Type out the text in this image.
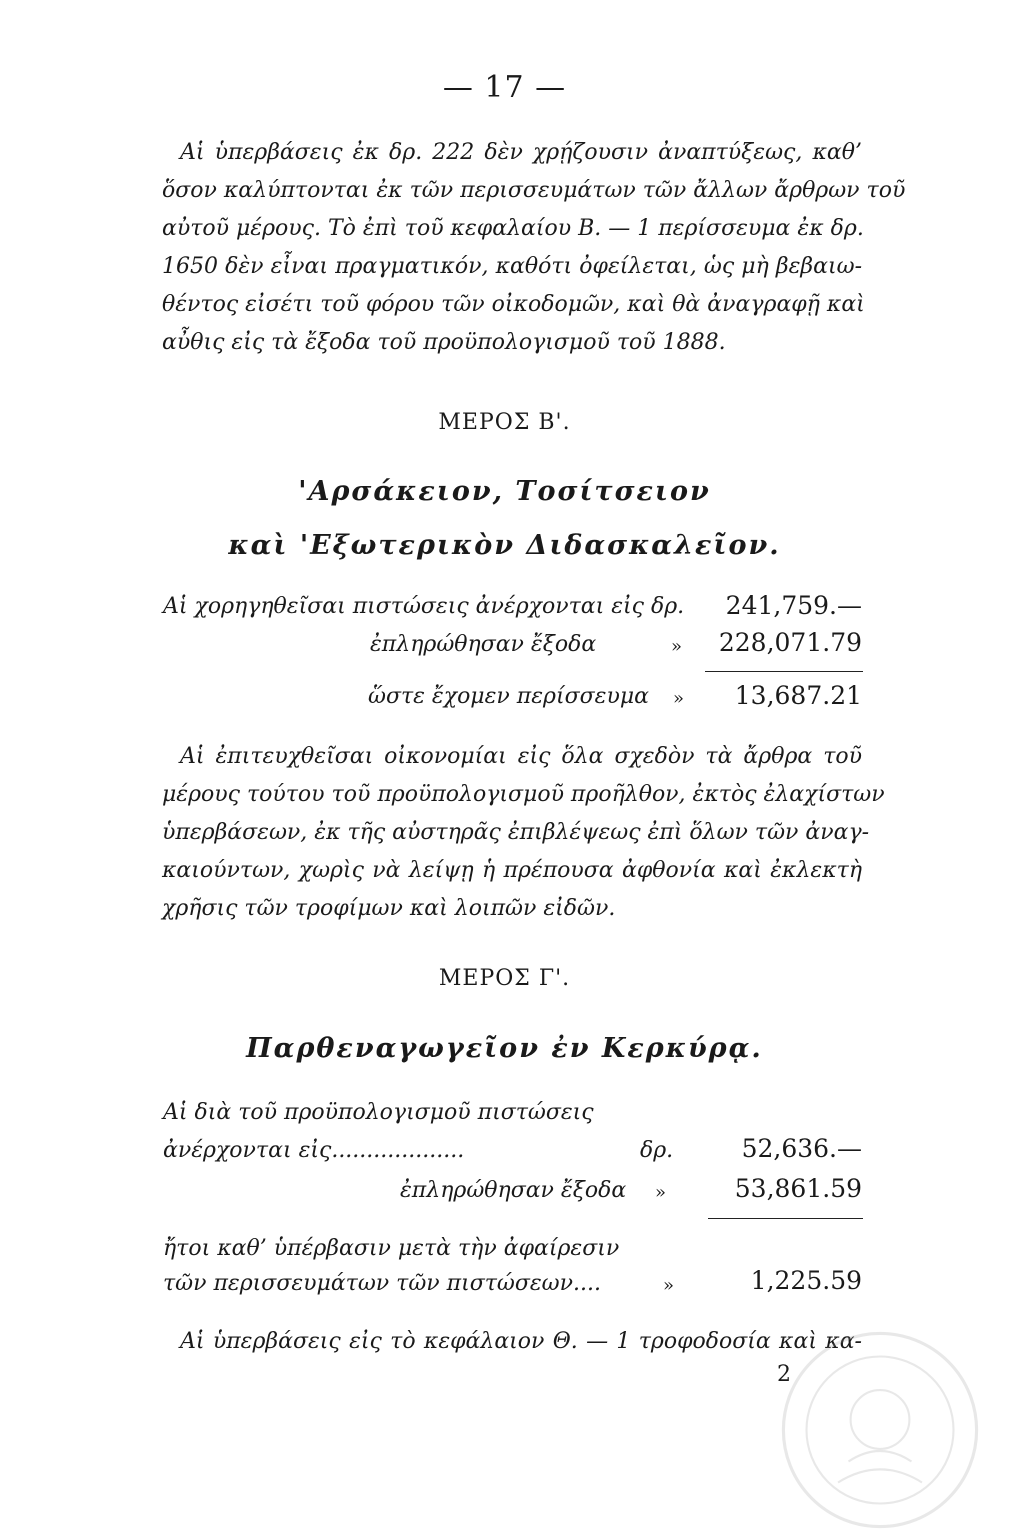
— 17 —
Αἱ ὑπερβάσεις ἐκ δρ. 222 δὲν χρῄζουσιν ἀναπτύξεως, καθ’
ὅσον καλύπτονται ἐκ τῶν περισσευμάτων τῶν ἄλλων ἄρθρων τοῦ
αὐτοῦ μέρους. Τὸ ἐπὶ τοῦ κεφαλαίου Β. — 1 περίσσευμα ἐκ δρ.
1650 δὲν εἶναι πραγματικόν, καθότι ὀφείλεται, ὡς μὴ βεβαιω-
θέντος εἰσέτι τοῦ φόρου τῶν οἰκοδομῶν, καὶ θὰ ἀναγραφῇ καὶ
αὖθις εἰς τὰ ἔξοδα τοῦ προϋπολογισμοῦ τοῦ 1888.
ΜΕΡΟΣ Β'.
'Αρσάκειον, Τοσίτσειον
καὶ 'Εξωτερικὸν Διδασκαλεῖον.
Αἱ χορηγηθεῖσαι πιστώσεις ἀνέρχονται εἰς δρ. 241,759.—
ἐπληρώθησαν ἔξοδα	» 228,071.79
ὥστε ἔχομεν περίσσευμα » 13,687.21
Αἱ ἐπιτευχθεῖσαι οἰκονομίαι εἰς ὅλα σχεδὸν τὰ ἄρθρα τοῦ
μέρους τούτου τοῦ προϋπολογισμοῦ προῆλθον, ἐκτὸς ἐλαχίστων
ὑπερβάσεων, ἐκ τῆς αὐστηρᾶς ἐπιβλέψεως ἐπὶ ὅλων τῶν ἀναγ-
καιούντων, χωρὶς νὰ λείψῃ ἡ πρέπουσα ἀφθονία καὶ ἐκλεκτὴ
χρῆσις τῶν τροφίμων καὶ λοιπῶν εἰδῶν.
ΜΕΡΟΣ Γ'.
Παρθεναγωγεῖον ἐν Κερκύρᾳ.
Αἱ διὰ τοῦ προϋπολογισμοῦ πιστώσεις
ἀνέρχονται εἰς...................	δρ.	52,636.—
ἐπληρώθησαν ἔξοδα »	53,861.59
ἤτοι καθ’ ὑπέρβασιν μετὰ τὴν ἀφαίρεσιν
τῶν περισσευμάτων τῶν πιστώσεων....	»	1,225.59
Αἱ ὑπερβάσεις εἰς τὸ κεφάλαιον Θ. — 1 τροφοδοσία καὶ κα-
2
